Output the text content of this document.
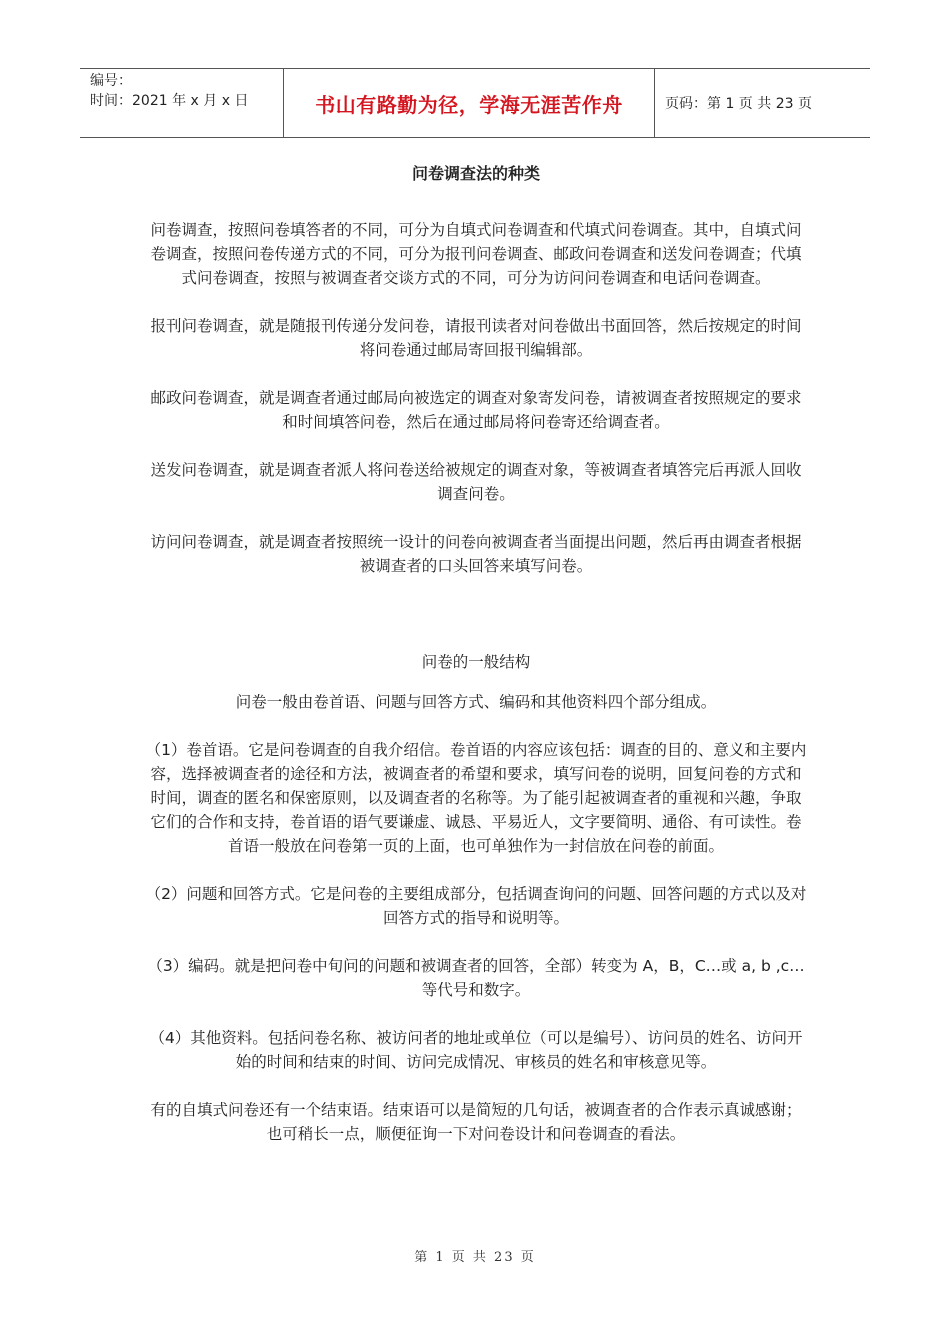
编号：
时间：2021 年 x 月 x 日	书山有路勤为径，学海无涯苦作舟	页码：第 1 页 共 23 页
问卷调查法的种类

问卷调查，按照问卷填答者的不同，可分为自填式问卷调查和代填式问卷调查。其中，自填式问卷调查，按照问卷传递方式的不同，可分为报刊问卷调查、邮政问卷调查和送发问卷调查；代填式问卷调查，按照与被调查者交谈方式的不同，可分为访问问卷调查和电话问卷调查。

报刊问卷调查，就是随报刊传递分发问卷，请报刊读者对问卷做出书面回答，然后按规定的时间将问卷通过邮局寄回报刊编辑部。

邮政问卷调查，就是调查者通过邮局向被选定的调查对象寄发问卷，请被调查者按照规定的要求和时间填答问卷，然后在通过邮局将问卷寄还给调查者。

送发问卷调查，就是调查者派人将问卷送给被规定的调查对象，等被调查者填答完后再派人回收调查问卷。

访问问卷调查，就是调查者按照统一设计的问卷向被调查者当面提出问题，然后再由调查者根据被调查者的口头回答来填写问卷。

问卷的一般结构

问卷一般由卷首语、问题与回答方式、编码和其他资料四个部分组成。

（1）卷首语。它是问卷调查的自我介绍信。卷首语的内容应该包括：调查的目的、意义和主要内容，选择被调查者的途径和方法，被调查者的希望和要求，填写问卷的说明，回复问卷的方式和时间，调查的匿名和保密原则，以及调查者的名称等。为了能引起被调查者的重视和兴趣，争取它们的合作和支持，卷首语的语气要谦虚、诚恳、平易近人，文字要简明、通俗、有可读性。卷首语一般放在问卷第一页的上面，也可单独作为一封信放在问卷的前面。

（2）问题和回答方式。它是问卷的主要组成部分，包括调查询问的问题、回答问题的方式以及对回答方式的指导和说明等。

（3）编码。就是把问卷中旬问的问题和被调查者的回答，全部）转变为 A，B，C…或 a, b ,c…等代号和数字。

（4）其他资料。包括问卷名称、被访问者的地址或单位（可以是编号）、访问员的姓名、访问开始的时间和结束的时间、访问完成情况、审核员的姓名和审核意见等。

有的自填式问卷还有一个结束语。结束语可以是简短的几句话，被调查者的合作表示真诚感谢；也可稍长一点，顺便征询一下对问卷设计和问卷调查的看法。

第 1 页 共 23 页
